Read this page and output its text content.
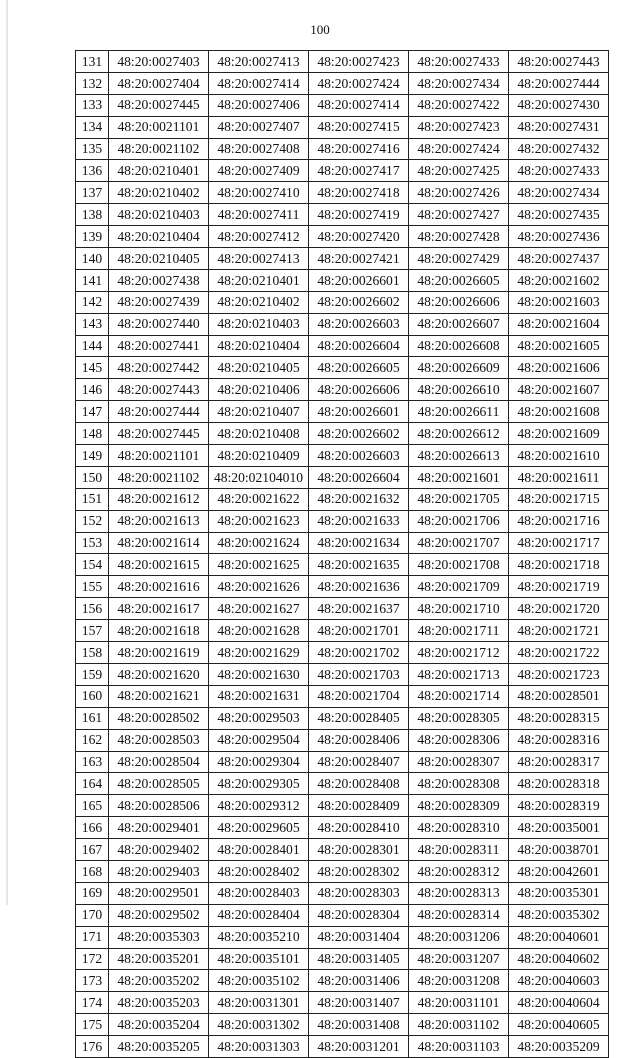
100
131	48:20:0027403	48:20:0027413	48:20:0027423	48:20:0027433	48:20:0027443
132	48:20:0027404	48:20:0027414	48:20:0027424	48:20:0027434	48:20:0027444
133	48:20:0027445	48:20:0027406	48:20:0027414	48:20:0027422	48:20:0027430
134	48:20:0021101	48:20:0027407	48:20:0027415	48:20:0027423	48:20:0027431
135	48:20:0021102	48:20:0027408	48:20:0027416	48:20:0027424	48:20:0027432
136	48:20:0210401	48:20:0027409	48:20:0027417	48:20:0027425	48:20:0027433
137	48:20:0210402	48:20:0027410	48:20:0027418	48:20:0027426	48:20:0027434
138	48:20:0210403	48:20:0027411	48:20:0027419	48:20:0027427	48:20:0027435
139	48:20:0210404	48:20:0027412	48:20:0027420	48:20:0027428	48:20:0027436
140	48:20:0210405	48:20:0027413	48:20:0027421	48:20:0027429	48:20:0027437
141	48:20:0027438	48:20:0210401	48:20:0026601	48:20:0026605	48:20:0021602
142	48:20:0027439	48:20:0210402	48:20:0026602	48:20:0026606	48:20:0021603
143	48:20:0027440	48:20:0210403	48:20:0026603	48:20:0026607	48:20:0021604
144	48:20:0027441	48:20:0210404	48:20:0026604	48:20:0026608	48:20:0021605
145	48:20:0027442	48:20:0210405	48:20:0026605	48:20:0026609	48:20:0021606
146	48:20:0027443	48:20:0210406	48:20:0026606	48:20:0026610	48:20:0021607
147	48:20:0027444	48:20:0210407	48:20:0026601	48:20:0026611	48:20:0021608
148	48:20:0027445	48:20:0210408	48:20:0026602	48:20:0026612	48:20:0021609
149	48:20:0021101	48:20:0210409	48:20:0026603	48:20:0026613	48:20:0021610
150	48:20:0021102	48:20:02104010	48:20:0026604	48:20:0021601	48:20:0021611
151	48:20:0021612	48:20:0021622	48:20:0021632	48:20:0021705	48:20:0021715
152	48:20:0021613	48:20:0021623	48:20:0021633	48:20:0021706	48:20:0021716
153	48:20:0021614	48:20:0021624	48:20:0021634	48:20:0021707	48:20:0021717
154	48:20:0021615	48:20:0021625	48:20:0021635	48:20:0021708	48:20:0021718
155	48:20:0021616	48:20:0021626	48:20:0021636	48:20:0021709	48:20:0021719
156	48:20:0021617	48:20:0021627	48:20:0021637	48:20:0021710	48:20:0021720
157	48:20:0021618	48:20:0021628	48:20:0021701	48:20:0021711	48:20:0021721
158	48:20:0021619	48:20:0021629	48:20:0021702	48:20:0021712	48:20:0021722
159	48:20:0021620	48:20:0021630	48:20:0021703	48:20:0021713	48:20:0021723
160	48:20:0021621	48:20:0021631	48:20:0021704	48:20:0021714	48:20:0028501
161	48:20:0028502	48:20:0029503	48:20:0028405	48:20:0028305	48:20:0028315
162	48:20:0028503	48:20:0029504	48:20:0028406	48:20:0028306	48:20:0028316
163	48:20:0028504	48:20:0029304	48:20:0028407	48:20:0028307	48:20:0028317
164	48:20:0028505	48:20:0029305	48:20:0028408	48:20:0028308	48:20:0028318
165	48:20:0028506	48:20:0029312	48:20:0028409	48:20:0028309	48:20:0028319
166	48:20:0029401	48:20:0029605	48:20:0028410	48:20:0028310	48:20:0035001
167	48:20:0029402	48:20:0028401	48:20:0028301	48:20:0028311	48:20:0038701
168	48:20:0029403	48:20:0028402	48:20:0028302	48:20:0028312	48:20:0042601
169	48:20:0029501	48:20:0028403	48:20:0028303	48:20:0028313	48:20:0035301
170	48:20:0029502	48:20:0028404	48:20:0028304	48:20:0028314	48:20:0035302
171	48:20:0035303	48:20:0035210	48:20:0031404	48:20:0031206	48:20:0040601
172	48:20:0035201	48:20:0035101	48:20:0031405	48:20:0031207	48:20:0040602
173	48:20:0035202	48:20:0035102	48:20:0031406	48:20:0031208	48:20:0040603
174	48:20:0035203	48:20:0031301	48:20:0031407	48:20:0031101	48:20:0040604
175	48:20:0035204	48:20:0031302	48:20:0031408	48:20:0031102	48:20:0040605
176	48:20:0035205	48:20:0031303	48:20:0031201	48:20:0031103	48:20:0035209
